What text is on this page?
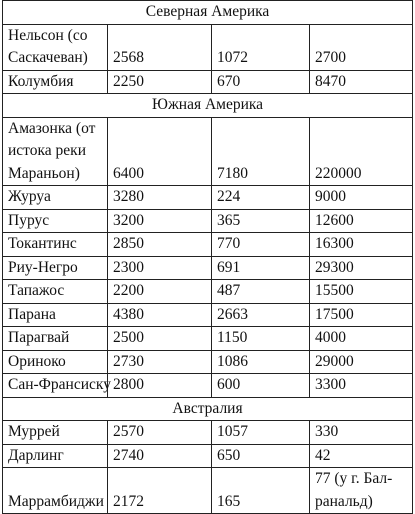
Северная Америка			

Нельсон (со
Саскачеван)	2568	1072	2700

Колумбия	2250	670	8470

Южная Америка			

Амазонка (от
истока реки
Мараньон)	6400	7180	220000

Журуа	3280	224	9000

Пурус	3200	365	12600

Токантинс	2850	770	16300

Риу-Негро	2300	691	29300

Тапажос	2200	487	15500

Парана	4380	2663	17500

Парагвай	2500	1150	4000

Ориноко	2730	1086	29000

Сан-Франсиску	2800	600	3300

Австралия			

Муррей	2570	1057	330

Дарлинг	2740	650	42

Маррамбиджи	2172	165	77 (у г. Бал-
ранальд)
